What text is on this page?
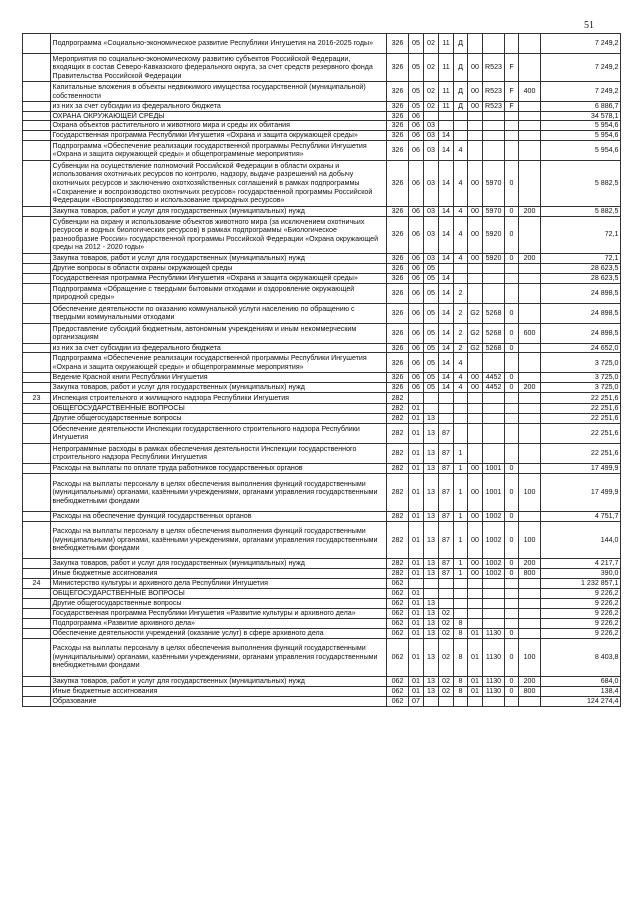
51
	Подпрограмма «Социально-экономическое развитие Республики Ингушетия на 2016-2025 годы»	326	05	02	11	Д					7 249,2
	Мероприятия по социально-экономическому развитию субъектов Российской Федерации, входящих в состав Северо-Кавказского федерального округа, за счет средств резервного фонда Правительства Российской Федерации	326	05	02	11	Д	00	R523	F		7 249,2
	Капитальные вложения в объекты недвижимого имущества государственной (муниципальной) собственности	326	05	02	11	Д	00	R523	F	400	7 249,2
	из них за счет субсидии из федерального бюджета	326	05	02	11	Д	00	R523	F		6 886,7
	ОХРАНА ОКРУЖАЮЩЕЙ СРЕДЫ	326	06								34 578,1
	Охрана объектов растительного и животного мира и среды их обитания	326	06	03							5 954,6
	Государственная программа Республики Ингушетия «Охрана и защита окружающей среды»	326	06	03	14						5 954,6
	Подпрограмма «Обеспечение реализации государственной программы Республики Ингушетия «Охрана и защита окружающей среды» и общепрограммные мероприятия»	326	06	03	14	4					5 954,6
	Субвенции на осуществление полномочий Российской Федерации в области охраны и использования охотничьих ресурсов по контролю, надзору, выдаче разрешений на добычу охотничьих ресурсов и заключению охотхозяйственных соглашений в рамках подпрограммы «Сохранение и воспроизводство охотничьих ресурсов» государственной программы Российской Федерации «Воспроизводство и использование природных ресурсов»	326	06	03	14	4	00	5970	0		5 882,5
	Закупка товаров, работ и услуг для государственных (муниципальных) нужд	326	06	03	14	4	00	5970	0	200	5 882,5
	Субвенции на охрану и использование объектов животного мира (за исключением охотничьих ресурсов и водных биологических ресурсов) в рамках подпрограммы «Биологическое разнообразие России» государственной программы Российской Федерации «Охрана окружающей среды на 2012 - 2020 годы»	326	06	03	14	4	00	5920	0		72,1
	Закупка товаров, работ и услуг для государственных (муниципальных) нужд	326	06	03	14	4	00	5920	0	200	72,1
	Другие вопросы в области охраны окружающей среды	326	06	05							28 623,5
	Государственная программа Республики Ингушетия «Охрана и защита окружающей среды»	326	06	05	14						28 623,5
	Подпрограмма «Обращение с твердыми бытовыми отходами и оздоровление окружающей природной среды»	326	06	05	14	2					24 898,5
	Обеспечение деятельности по оказанию коммунальной услуги населению по обращению с твердыми коммунальными отходами	326	06	05	14	2	G2	5268	0		24 898,5
	Предоставление субсидий бюджетным, автономным учреждениям и иным некоммерческим организациям	326	06	05	14	2	G2	5268	0	600	24 898,5
	из них за счет субсидии из федерального бюджета	326	06	05	14	2	G2	5268	0		24 652,0
	Подпрограмма «Обеспечение реализации государственной программы Республики Ингушетия «Охрана и защита окружающей среды» и общепрограммные мероприятия»	326	06	05	14	4					3 725,0
	Ведение Красной книги Республики Ингушетия	326	06	05	14	4	00	4452	0		3 725,0
	Закупка товаров, работ и услуг для государственных (муниципальных) нужд	326	06	05	14	4	00	4452	0	200	3 725,0
23	Инспекция строительного и жилищного надзора Республики Ингушетия	282									22 251,6
	ОБЩЕГОСУДАРСТВЕННЫЕ ВОПРОСЫ	282	01								22 251,6
	Другие общегосударственные вопросы	282	01	13							22 251,6
	Обеспечение деятельности Инспекции государственного строительного надзора Республики Ингушетия	282	01	13	87						22 251,6
	Непрограммные расходы в рамках обеспечения деятельности Инспекции государственного строительного надзора Республики Ингушетия	282	01	13	87	1					22 251,6
	Расходы на выплаты по оплате труда работников государственных органов	282	01	13	87	1	00	1001	0		17 499,9
	Расходы на выплаты персоналу в целях обеспечения выполнения функций государственными (муниципальными) органами, казёнными учреждениями, органами управления государственными внебюджетными фондами	282	01	13	87	1	00	1001	0	100	17 499,9
	Расходы на обеспечение функций государственных органов	282	01	13	87	1	00	1002	0		4 751,7
	Расходы на выплаты персоналу в целях обеспечения выполнения функций государственными (муниципальными) органами, казёнными учреждениями, органами управления государственными внебюджетными фондами	282	01	13	87	1	00	1002	0	100	144,0
	Закупка товаров, работ и услуг для государственных (муниципальных) нужд	282	01	13	87	1	00	1002	0	200	4 217,7
	Иные бюджетные ассигнования	282	01	13	87	1	00	1002	0	800	390,0
24	Министерство культуры и архивного дела Республики Ингушетия	062									1 232 857,1
	ОБЩЕГОСУДАРСТВЕННЫЕ ВОПРОСЫ	062	01								9 226,2
	Другие общегосударственные вопросы	062	01	13							9 226,2
	Государственная программа Республики Ингушетия «Развитие культуры и архивного дела»	062	01	13	02						9 226,2
	Подпрограмма «Развитие архивного дела»	062	01	13	02	8					9 226,2
	Обеспечение деятельности учреждений (оказание услуг) в сфере архивного дела	062	01	13	02	8	01	1130	0		9 226,2
	Расходы на выплаты персоналу в целях обеспечения выполнения функций государственными (муниципальными) органами, казёнными учреждениями, органами управления государственными внебюджетными фондами	062	01	13	02	8	01	1130	0	100	8 403,8
	Закупка товаров, работ и услуг для государственных (муниципальных) нужд	062	01	13	02	8	01	1130	0	200	684,0
	Иные бюджетные ассигнования	062	01	13	02	8	01	1130	0	800	138,4
	Образование	062	07								124 274,4
